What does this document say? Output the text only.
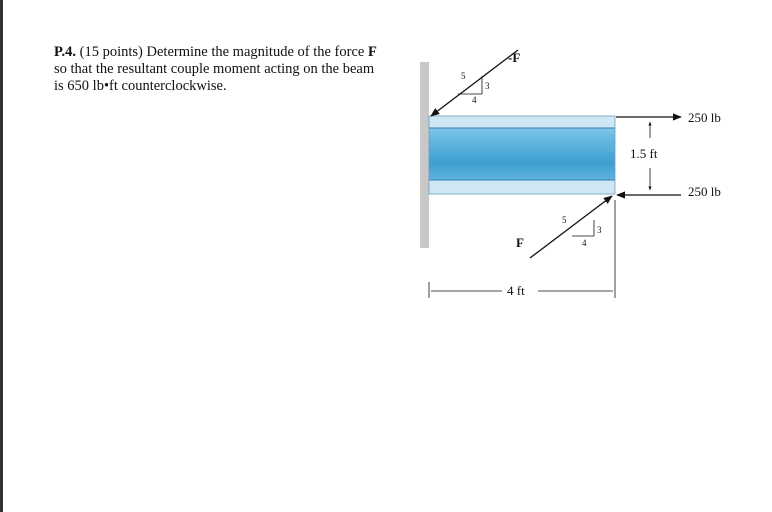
P.4. (15 points) Determine the magnitude of the force F so that the resultant couple moment acting on the beam is 650 lb•ft counterclockwise.
-F
5
3
4
F
5
3
4
250 lb
250 lb
1.5 ft
4 ft
